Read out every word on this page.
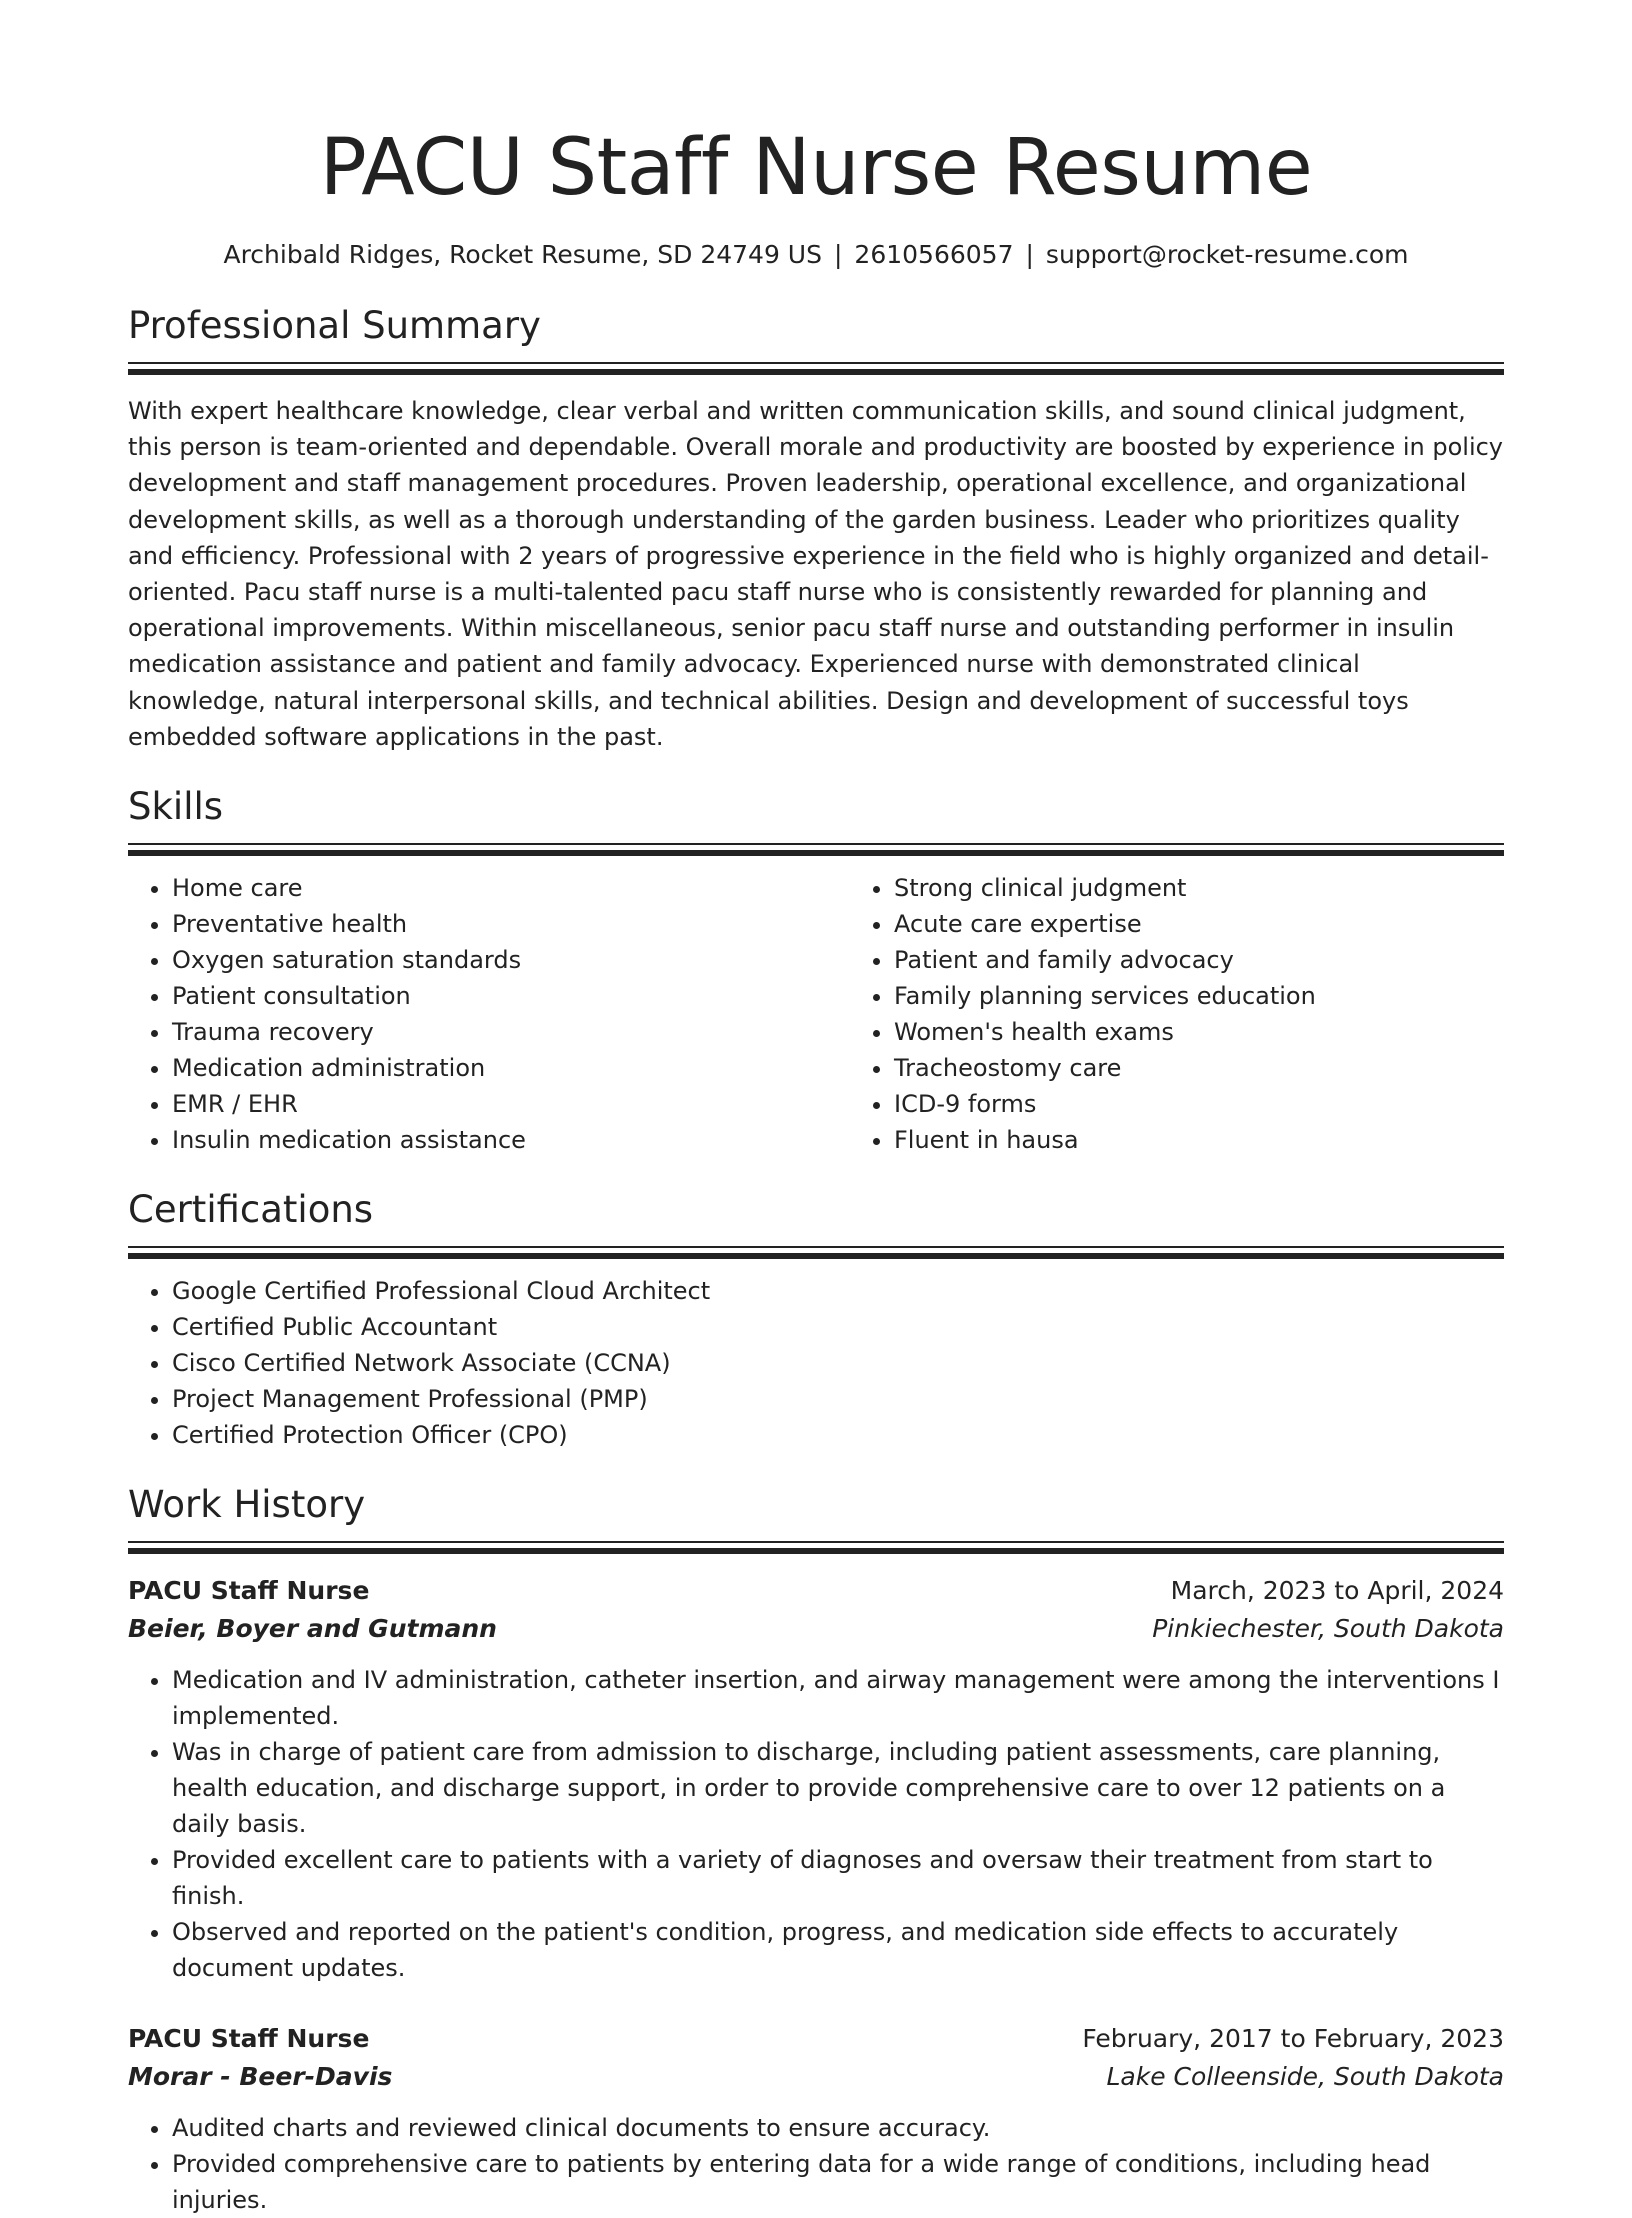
PACU Staff Nurse Resume
Archibald Ridges, Rocket Resume, SD 24749 US | 2610566057 | support@rocket-resume.com
Professional Summary

With expert healthcare knowledge, clear verbal and written communication skills, and sound clinical judgment, this person is team-oriented and dependable. Overall morale and productivity are boosted by experience in policy development and staff management procedures. Proven leadership, operational excellence, and organizational development skills, as well as a thorough understanding of the garden business. Leader who prioritizes quality and efficiency. Professional with 2 years of progressive experience in the field who is highly organized and detail-oriented. Pacu staff nurse is a multi-talented pacu staff nurse who is consistently rewarded for planning and operational improvements. Within miscellaneous, senior pacu staff nurse and outstanding performer in insulin medication assistance and patient and family advocacy. Experienced nurse with demonstrated clinical knowledge, natural interpersonal skills, and technical abilities. Design and development of successful toys embedded software applications in the past.

Skills
• Home care
• Preventative health
• Oxygen saturation standards
• Patient consultation
• Trauma recovery
• Medication administration
• EMR / EHR
• Insulin medication assistance
• Strong clinical judgment
• Acute care expertise
• Patient and family advocacy
• Family planning services education
• Women's health exams
• Tracheostomy care
• ICD-9 forms
• Fluent in hausa
Certifications
• Google Certified Professional Cloud Architect
• Certified Public Accountant
• Cisco Certified Network Associate (CCNA)
• Project Management Professional (PMP)
• Certified Protection Officer (CPO)
Work History
PACU Staff Nurse	March, 2023 to April, 2024
Beier, Boyer and Gutmann	Pinkiechester, South Dakota
• Medication and IV administration, catheter insertion, and airway management were among the interventions I implemented.
• Was in charge of patient care from admission to discharge, including patient assessments, care planning, health education, and discharge support, in order to provide comprehensive care to over 12 patients on a daily basis.
• Provided excellent care to patients with a variety of diagnoses and oversaw their treatment from start to finish.
• Observed and reported on the patient's condition, progress, and medication side effects to accurately document updates.
PACU Staff Nurse	February, 2017 to February, 2023
Morar - Beer-Davis	Lake Colleenside, South Dakota
• Audited charts and reviewed clinical documents to ensure accuracy.
• Provided comprehensive care to patients by entering data for a wide range of conditions, including head injuries.
